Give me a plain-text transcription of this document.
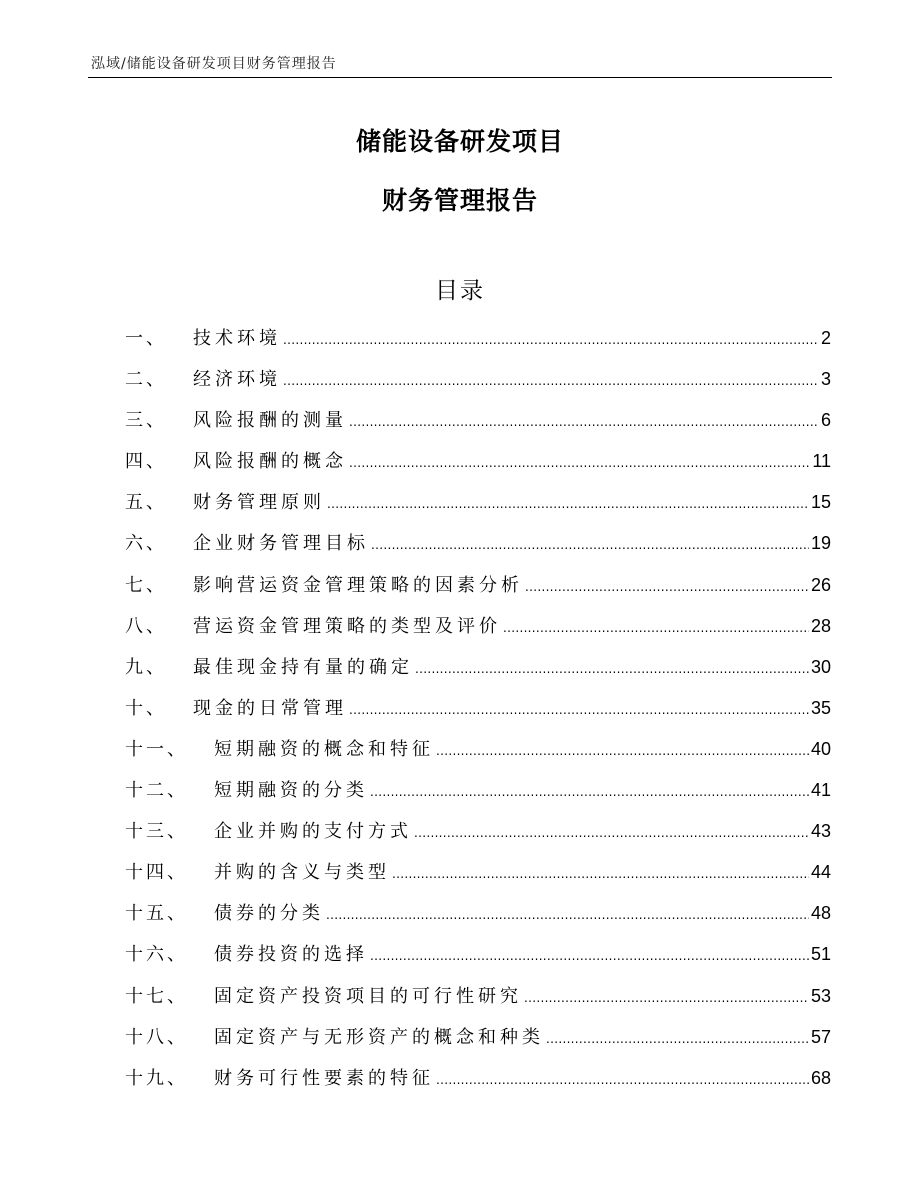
泓域/储能设备研发项目财务管理报告
储能设备研发项目
财务管理报告
目录
一、 技术环境 .....	2
二、 经济环境 .....	3
三、 风险报酬的测量 .....	6
四、 风险报酬的概念 .....	11
五、 财务管理原则 .....	15
六、 企业财务管理目标 .....	19
七、 影响营运资金管理策略的因素分析 .....	26
八、 营运资金管理策略的类型及评价 .....	28
九、 最佳现金持有量的确定 .....	30
十、 现金的日常管理 .....	35
十一、 短期融资的概念和特征 .....	40
十二、 短期融资的分类 .....	41
十三、 企业并购的支付方式 .....	43
十四、 并购的含义与类型 .....	44
十五、 债券的分类 .....	48
十六、 债券投资的选择 .....	51
十七、 固定资产投资项目的可行性研究 .....	53
十八、 固定资产与无形资产的概念和种类 .....	57
十九、 财务可行性要素的特征 .....	68
